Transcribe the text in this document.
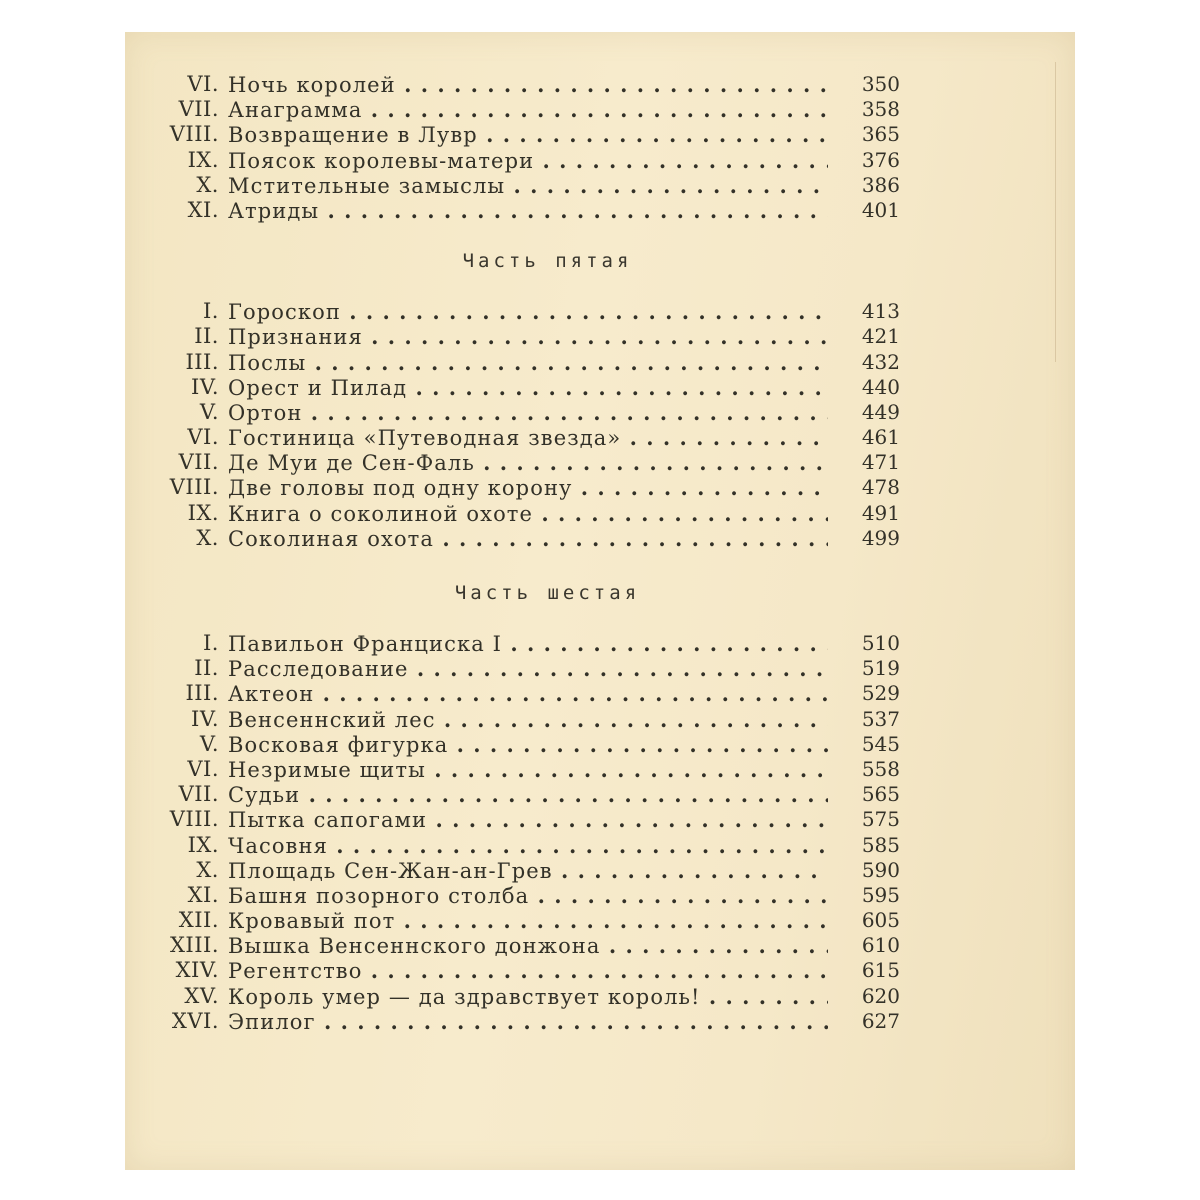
VI. Ночь королей . .	350
VII. Анаграмма . .	358
VIII. Возвращение в Лувр . .	365
IX. Поясок королевы-матери . .	376
X. Мстительные замыслы . .	386
XI. Атриды . .	401
Часть пятая
I. Гороскоп . .	413
II. Признания . .	421
III. Послы . .	432
IV. Орест и Пилад . .	440
V. Ортон . .	449
VI. Гостиница «Путеводная звезда» . .	461
VII. Де Муи де Сен-Фаль . .	471
VIII. Две головы под одну корону . .	478
IX. Книга о соколиной охоте . .	491
X. Соколиная охота . .	499
Часть шестая
I. Павильон Франциска I . .	510
II. Расследование . .	519
III. Актеон . .	529
IV. Венсеннский лес . .	537
V. Восковая фигурка . .	545
VI. Незримые щиты . .	558
VII. Судьи . .	565
VIII. Пытка сапогами . .	575
IX. Часовня . .	585
X. Площадь Сен-Жан-ан-Грев . .	590
XI. Башня позорного столба . .	595
XII. Кровавый пот . .	605
XIII. Вышка Венсеннского донжона . .	610
XIV. Регентство . .	615
XV. Король умер — да здравствует король! . .	620
XVI. Эпилог . .	627
